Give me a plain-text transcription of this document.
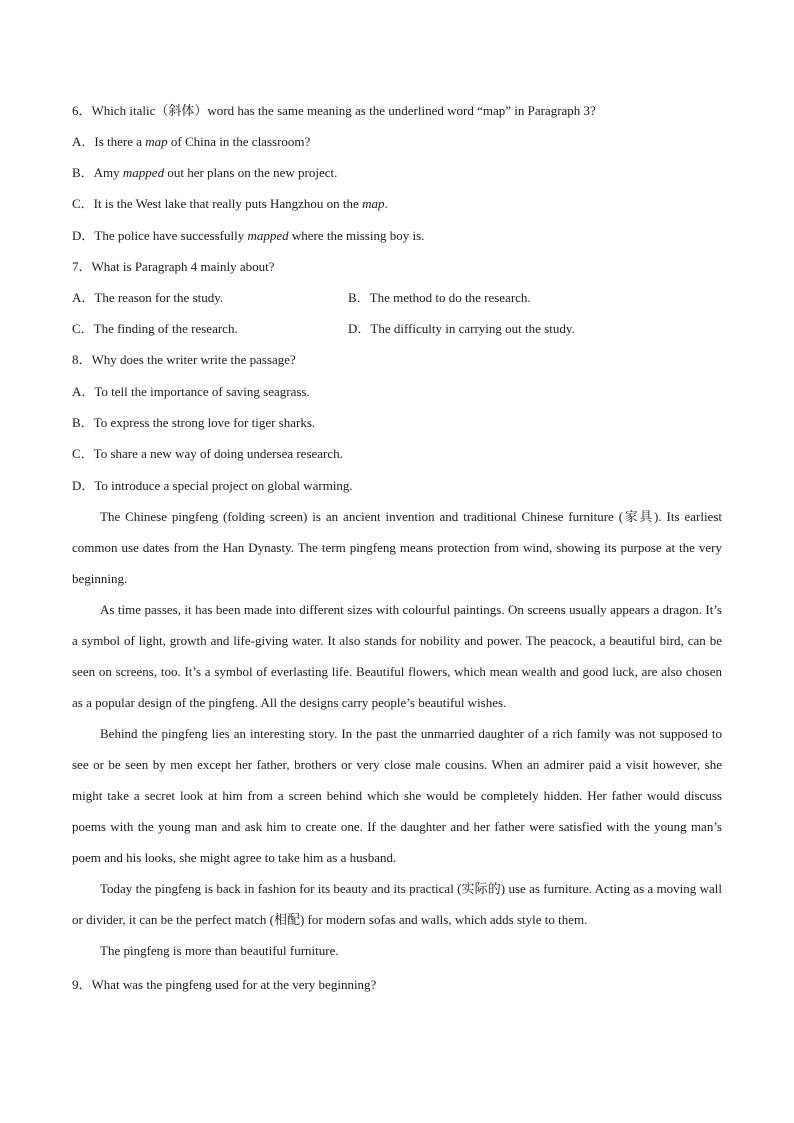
6．Which italic（斜体）word has the same meaning as the underlined word “map” in Paragraph 3?
A．Is there a map of China in the classroom?
B．Amy mapped out her plans on the new project.
C．It is the West lake that really puts Hangzhou on the map.
D．The police have successfully mapped where the missing boy is.
7．What is Paragraph 4 mainly about?
A．The reason for the study.	B．The method to do the research.
C．The finding of the research.	D．The difficulty in carrying out the study.
8．Why does the writer write the passage?
A．To tell the importance of saving seagrass.
B．To express the strong love for tiger sharks.
C．To share a new way of doing undersea research.
D．To introduce a special project on global warming.

The Chinese pingfeng (folding screen) is an ancient invention and traditional Chinese furniture (家具). Its earliest common use dates from the Han Dynasty. The term pingfeng means protection from wind, showing its purpose at the very beginning.

As time passes, it has been made into different sizes with colourful paintings. On screens usually appears a dragon. It’s a symbol of light, growth and life-giving water. It also stands for nobility and power. The peacock, a beautiful bird, can be seen on screens, too. It’s a symbol of everlasting life. Beautiful flowers, which mean wealth and good luck, are also chosen as a popular design of the pingfeng. All the designs carry people’s beautiful wishes.

Behind the pingfeng lies an interesting story. In the past the unmarried daughter of a rich family was not supposed to see or be seen by men except her father, brothers or very close male cousins. When an admirer paid a visit however, she might take a secret look at him from a screen behind which she would be completely hidden. Her father would discuss poems with the young man and ask him to create one. If the daughter and her father were satisfied with the young man’s poem and his looks, she might agree to take him as a husband.

Today the pingfeng is back in fashion for its beauty and its practical (实际的) use as furniture. Acting as a moving wall or divider, it can be the perfect match (相配) for modern sofas and walls, which adds style to them.

The pingfeng is more than beautiful furniture.

9．What was the pingfeng used for at the very beginning?
